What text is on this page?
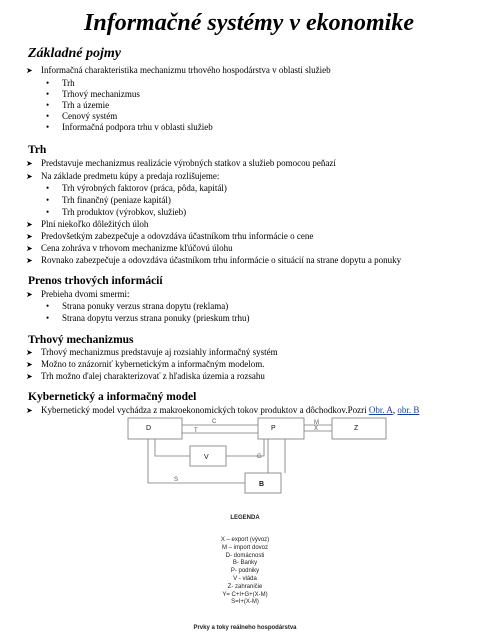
Informačné systémy v ekonomike
Základné pojmy
➤ Informačná charakteristika mechanizmu trhového hospodárstva v oblasti služieb
• Trh
• Trhový mechanizmus
• Trh a územie
• Cenový systém
• Informačná podpora trhu v oblasti služieb
Trh
➤ Predstavuje mechanizmus realizácie výrobných statkov a služieb pomocou peňazí
➤ Na základe predmetu kúpy a predaja rozlišujeme:
• Trh výrobných faktorov (práca, pôda, kapitál)
• Trh finančný (peniaze kapitál)
• Trh produktov (výrobkov, služieb)
➤ Plní niekoľko dôležitých úloh
➤ Predovšetkým zabezpečuje a odovzdáva účastníkom trhu informácie o cene
➤ Cena zohráva v trhovom mechanizme kľúčovú úlohu
➤ Rovnako zabezpečuje a odovzdáva účastníkom trhu informácie o situácií na strane dopytu a ponuky
Prenos trhových informácií
➤ Prebieha dvomi smermi:
• Strana ponuky verzus strana dopytu (reklama)
• Strana dopytu verzus strana ponuky (prieskum trhu)
Trhový mechanizmus
➤ Trhový mechanizmus predstavuje aj rozsiahly informačný systém
➤ Možno to znázorniť kybernetickým a informačným modelom.
➤ Trh možno ďalej charakterizovať z hľadiska územia a rozsahu
Kybernetický a informačný model
➤ Kybernetický model vychádza z makroekonomických tokov produktov a dôchodkov.Pozri Obr. A, obr. B
C	M
X
T
G
S
D	P	Z
V
B
LEGENDA
X – export (vývoz)
M – import dovoz
D- domácnosti
B- Banky
P- podniky
V - vláda
Z- zahraničie
Y= C+I+G+(X-M)
S=I+(X-M)
Prvky a toky reálneho hospodárstva
